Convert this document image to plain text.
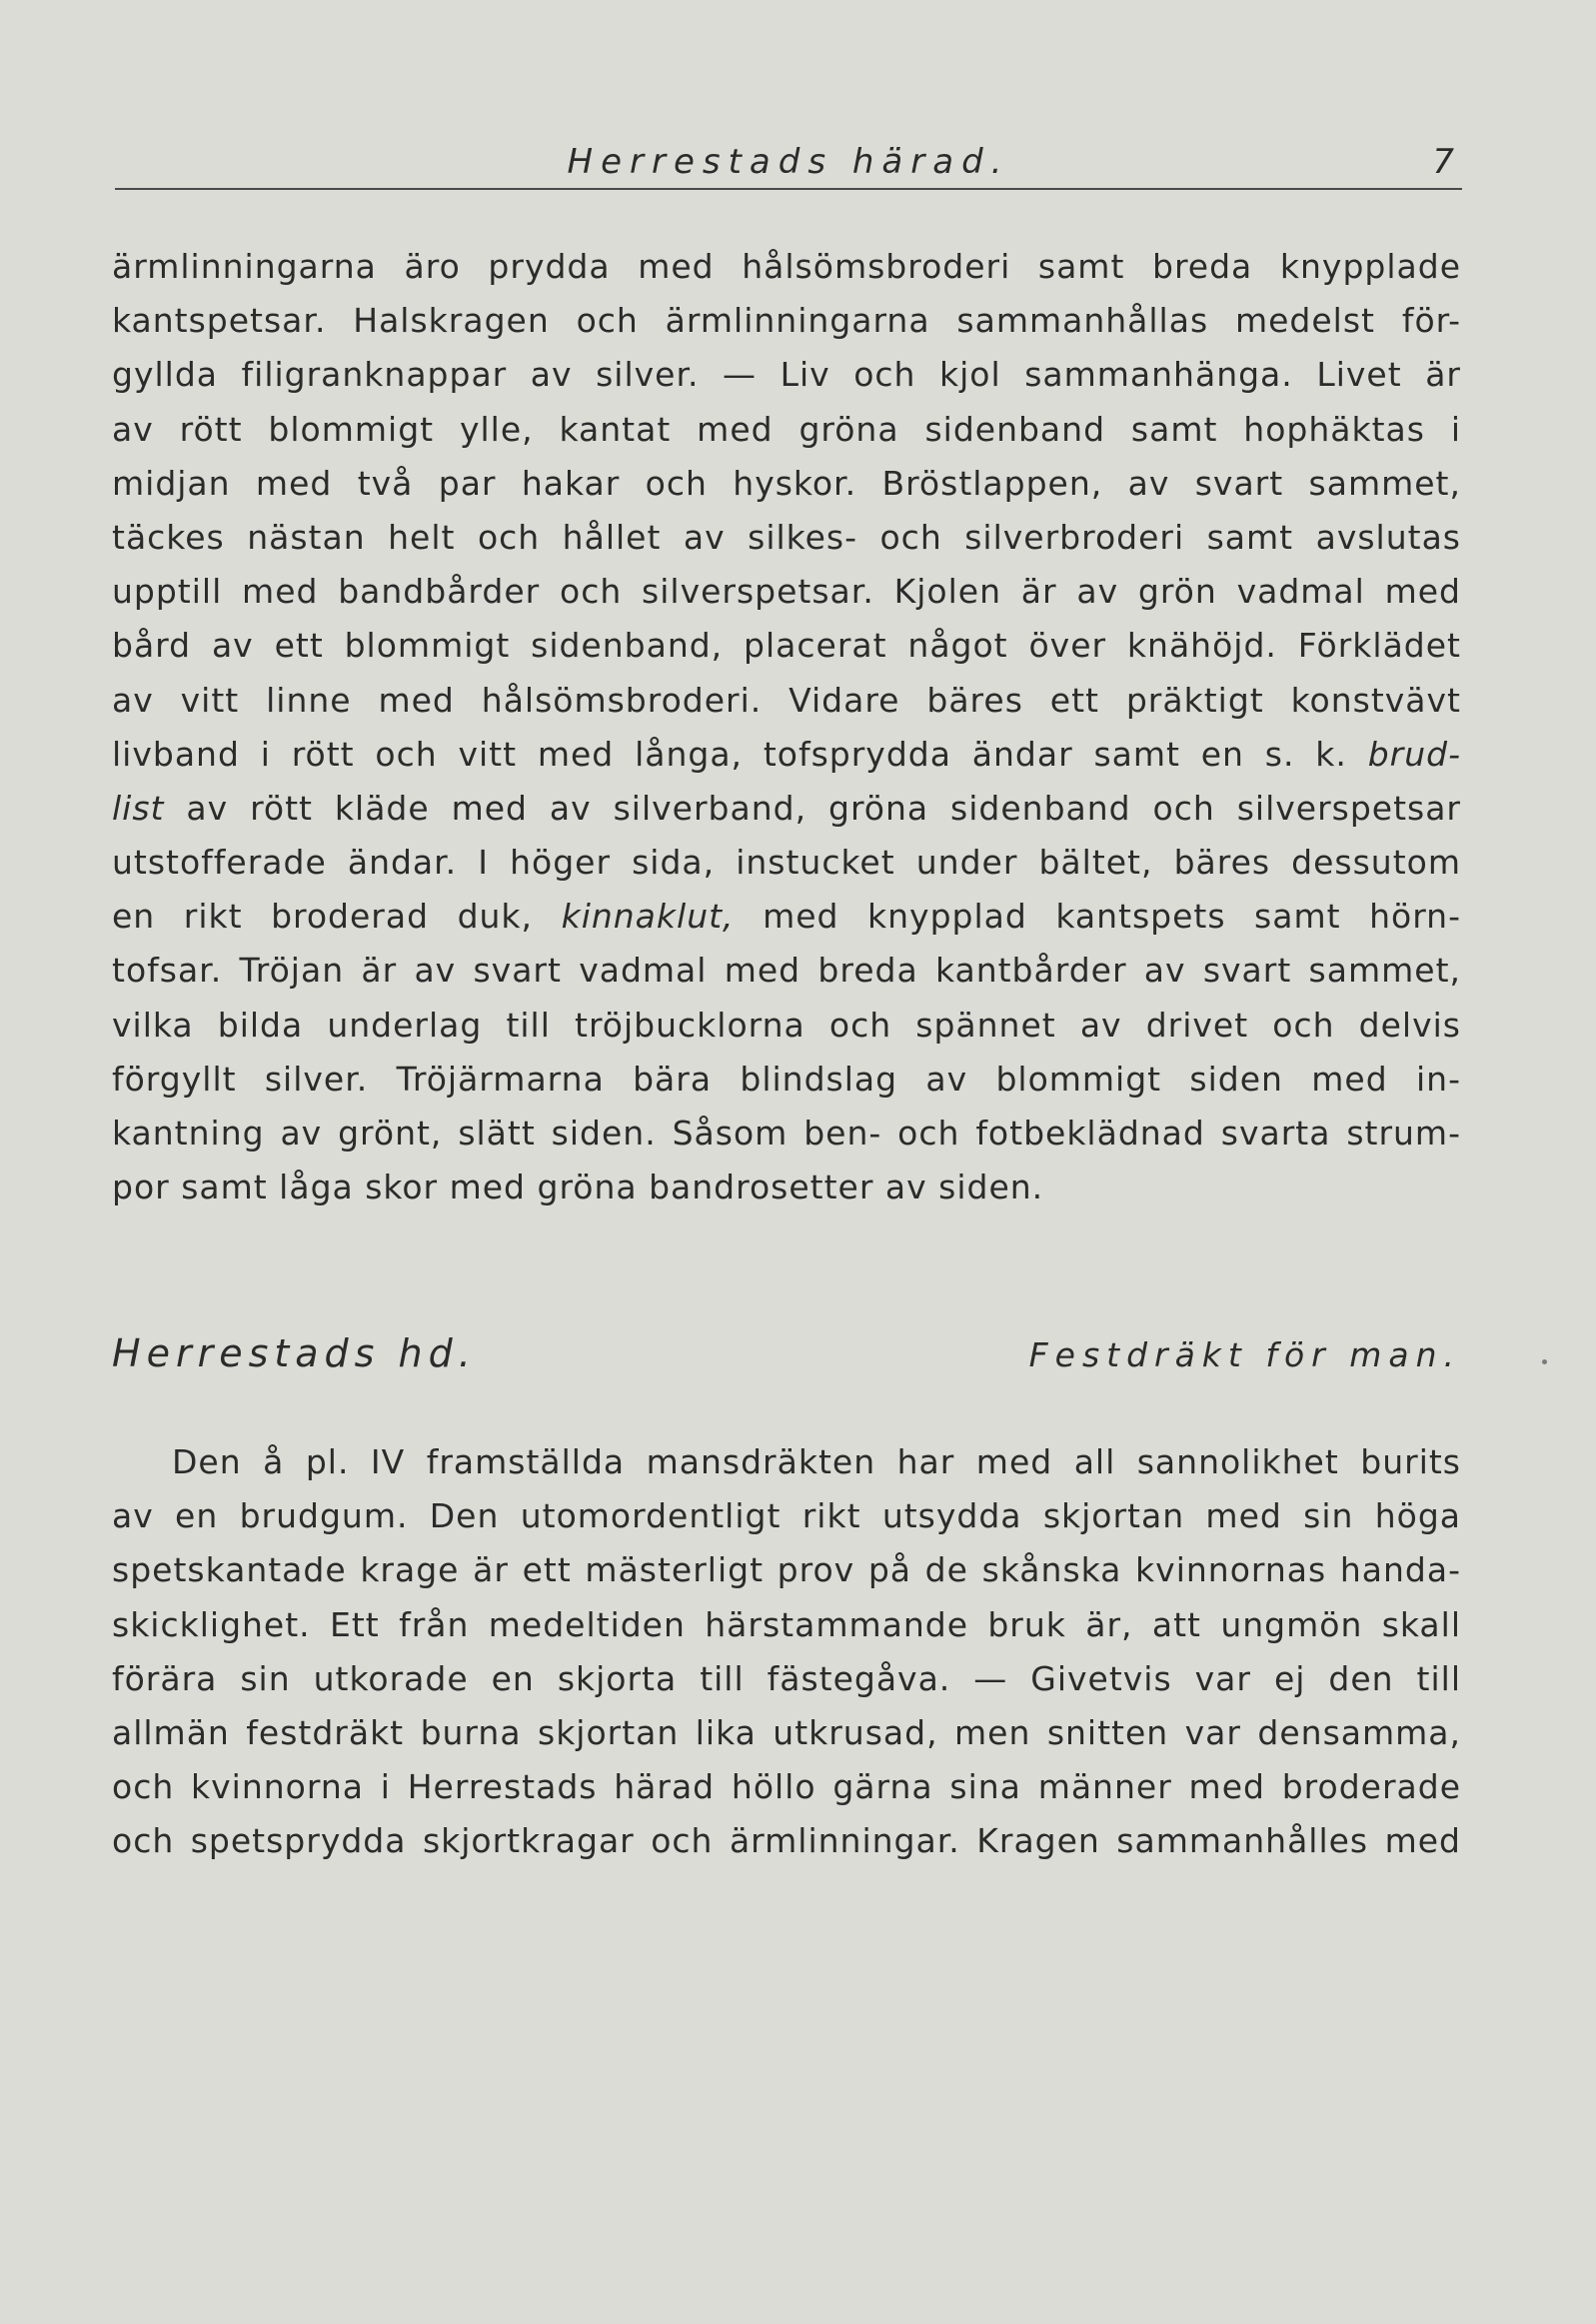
Herrestads härad.	7
ärmlinningarna äro prydda med hålsömsbroderi samt breda knypplade
kantspetsar. Halskragen och ärmlinningarna sammanhållas medelst för-
gyllda filigranknappar av silver. — Liv och kjol sammanhänga. Livet är
av rött blommigt ylle, kantat med gröna sidenband samt hophäktas i
midjan med två par hakar och hyskor. Bröstlappen, av svart sammet,
täckes nästan helt och hållet av silkes- och silverbroderi samt avslutas
upptill med bandbårder och silverspetsar. Kjolen är av grön vadmal med
bård av ett blommigt sidenband, placerat något över knähöjd. Förklädet
av vitt linne med hålsömsbroderi. Vidare bäres ett präktigt konstvävt
livband i rött och vitt med långa, tofsprydda ändar samt en s. k. brud-
list av rött kläde med av silverband, gröna sidenband och silverspetsar
utstofferade ändar. I höger sida, instucket under bältet, bäres dessutom
en rikt broderad duk, kinnaklut, med knypplad kantspets samt hörn-
tofsar. Tröjan är av svart vadmal med breda kantbårder av svart sammet,
vilka bilda underlag till tröjbucklorna och spännet av drivet och delvis
förgyllt silver. Tröjärmarna bära blindslag av blommigt siden med in-
kantning av grönt, slätt siden. Såsom ben- och fotbeklädnad svarta strum-
por samt låga skor med gröna bandrosetter av siden.
Herrestads hd.	Festdräkt för man.
Den å pl. IV framställda mansdräkten har med all sannolikhet burits
av en brudgum. Den utomordentligt rikt utsydda skjortan med sin höga
spetskantade krage är ett mästerligt prov på de skånska kvinnornas handa-
skicklighet. Ett från medeltiden härstammande bruk är, att ungmön skall
förära sin utkorade en skjorta till fästegåva. — Givetvis var ej den till
allmän festdräkt burna skjortan lika utkrusad, men snitten var densamma,
och kvinnorna i Herrestads härad höllo gärna sina männer med broderade
och spetsprydda skjortkragar och ärmlinningar. Kragen sammanhålles med
